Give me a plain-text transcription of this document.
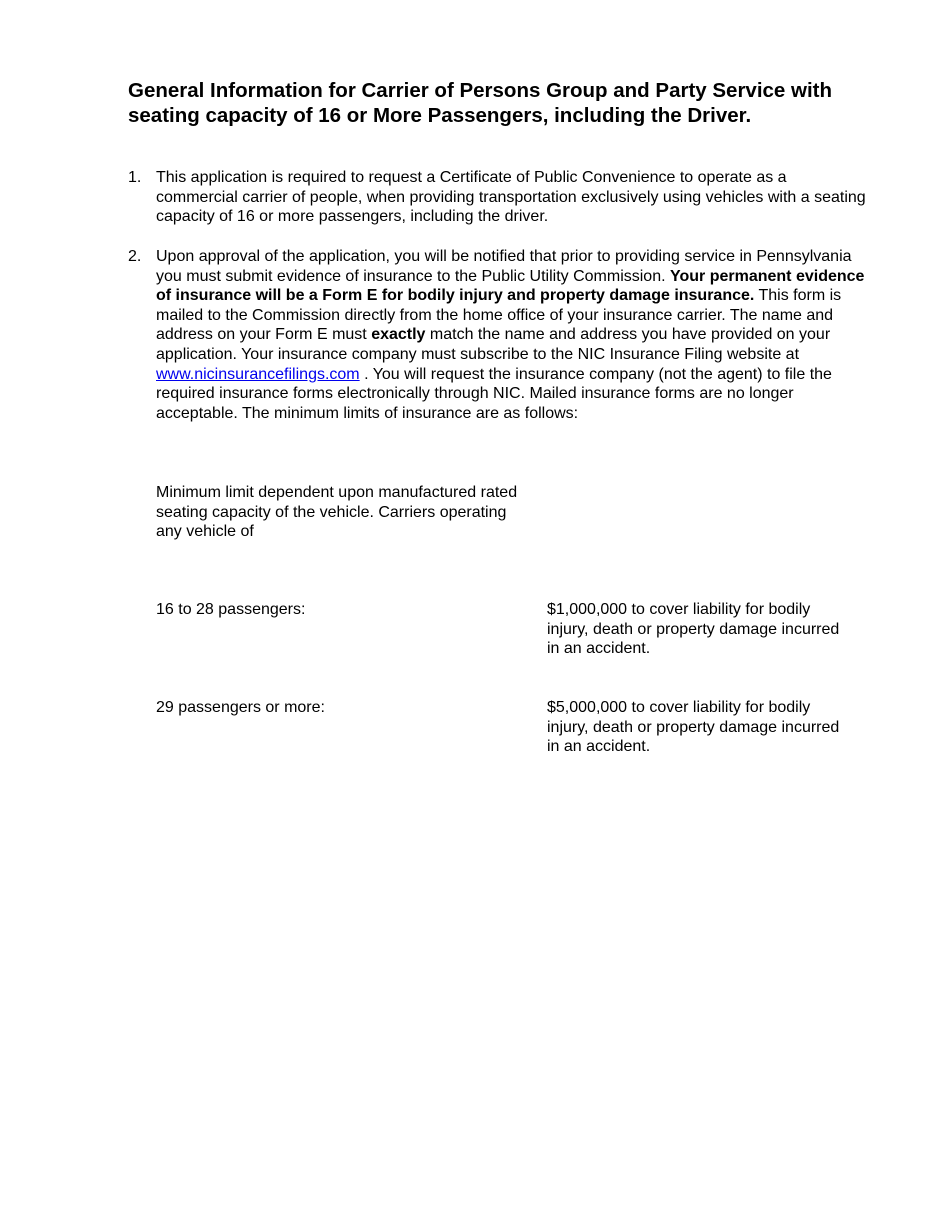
General Information for Carrier of Persons Group and Party Service with seating capacity of 16 or More Passengers, including the Driver.
1. This application is required to request a Certificate of Public Convenience to operate as a commercial carrier of people, when providing transportation exclusively using vehicles with a seating capacity of 16 or more passengers, including the driver.
2. Upon approval of the application, you will be notified that prior to providing service in Pennsylvania you must submit evidence of insurance to the Public Utility Commission. Your permanent evidence of insurance will be a Form E for bodily injury and property damage insurance. This form is mailed to the Commission directly from the home office of your insurance carrier. The name and address on your Form E must exactly match the name and address you have provided on your application. Your insurance company must subscribe to the NIC Insurance Filing website at www.nicinsurancefilings.com . You will request the insurance company (not the agent) to file the required insurance forms electronically through NIC. Mailed insurance forms are no longer acceptable. The minimum limits of insurance are as follows:
Minimum limit dependent upon manufactured rated seating capacity of the vehicle. Carriers operating any vehicle of
16 to 28 passengers:	$1,000,000 to cover liability for bodily injury, death or property damage incurred in an accident.
29 passengers or more:	$5,000,000 to cover liability for bodily injury, death or property damage incurred in an accident.
